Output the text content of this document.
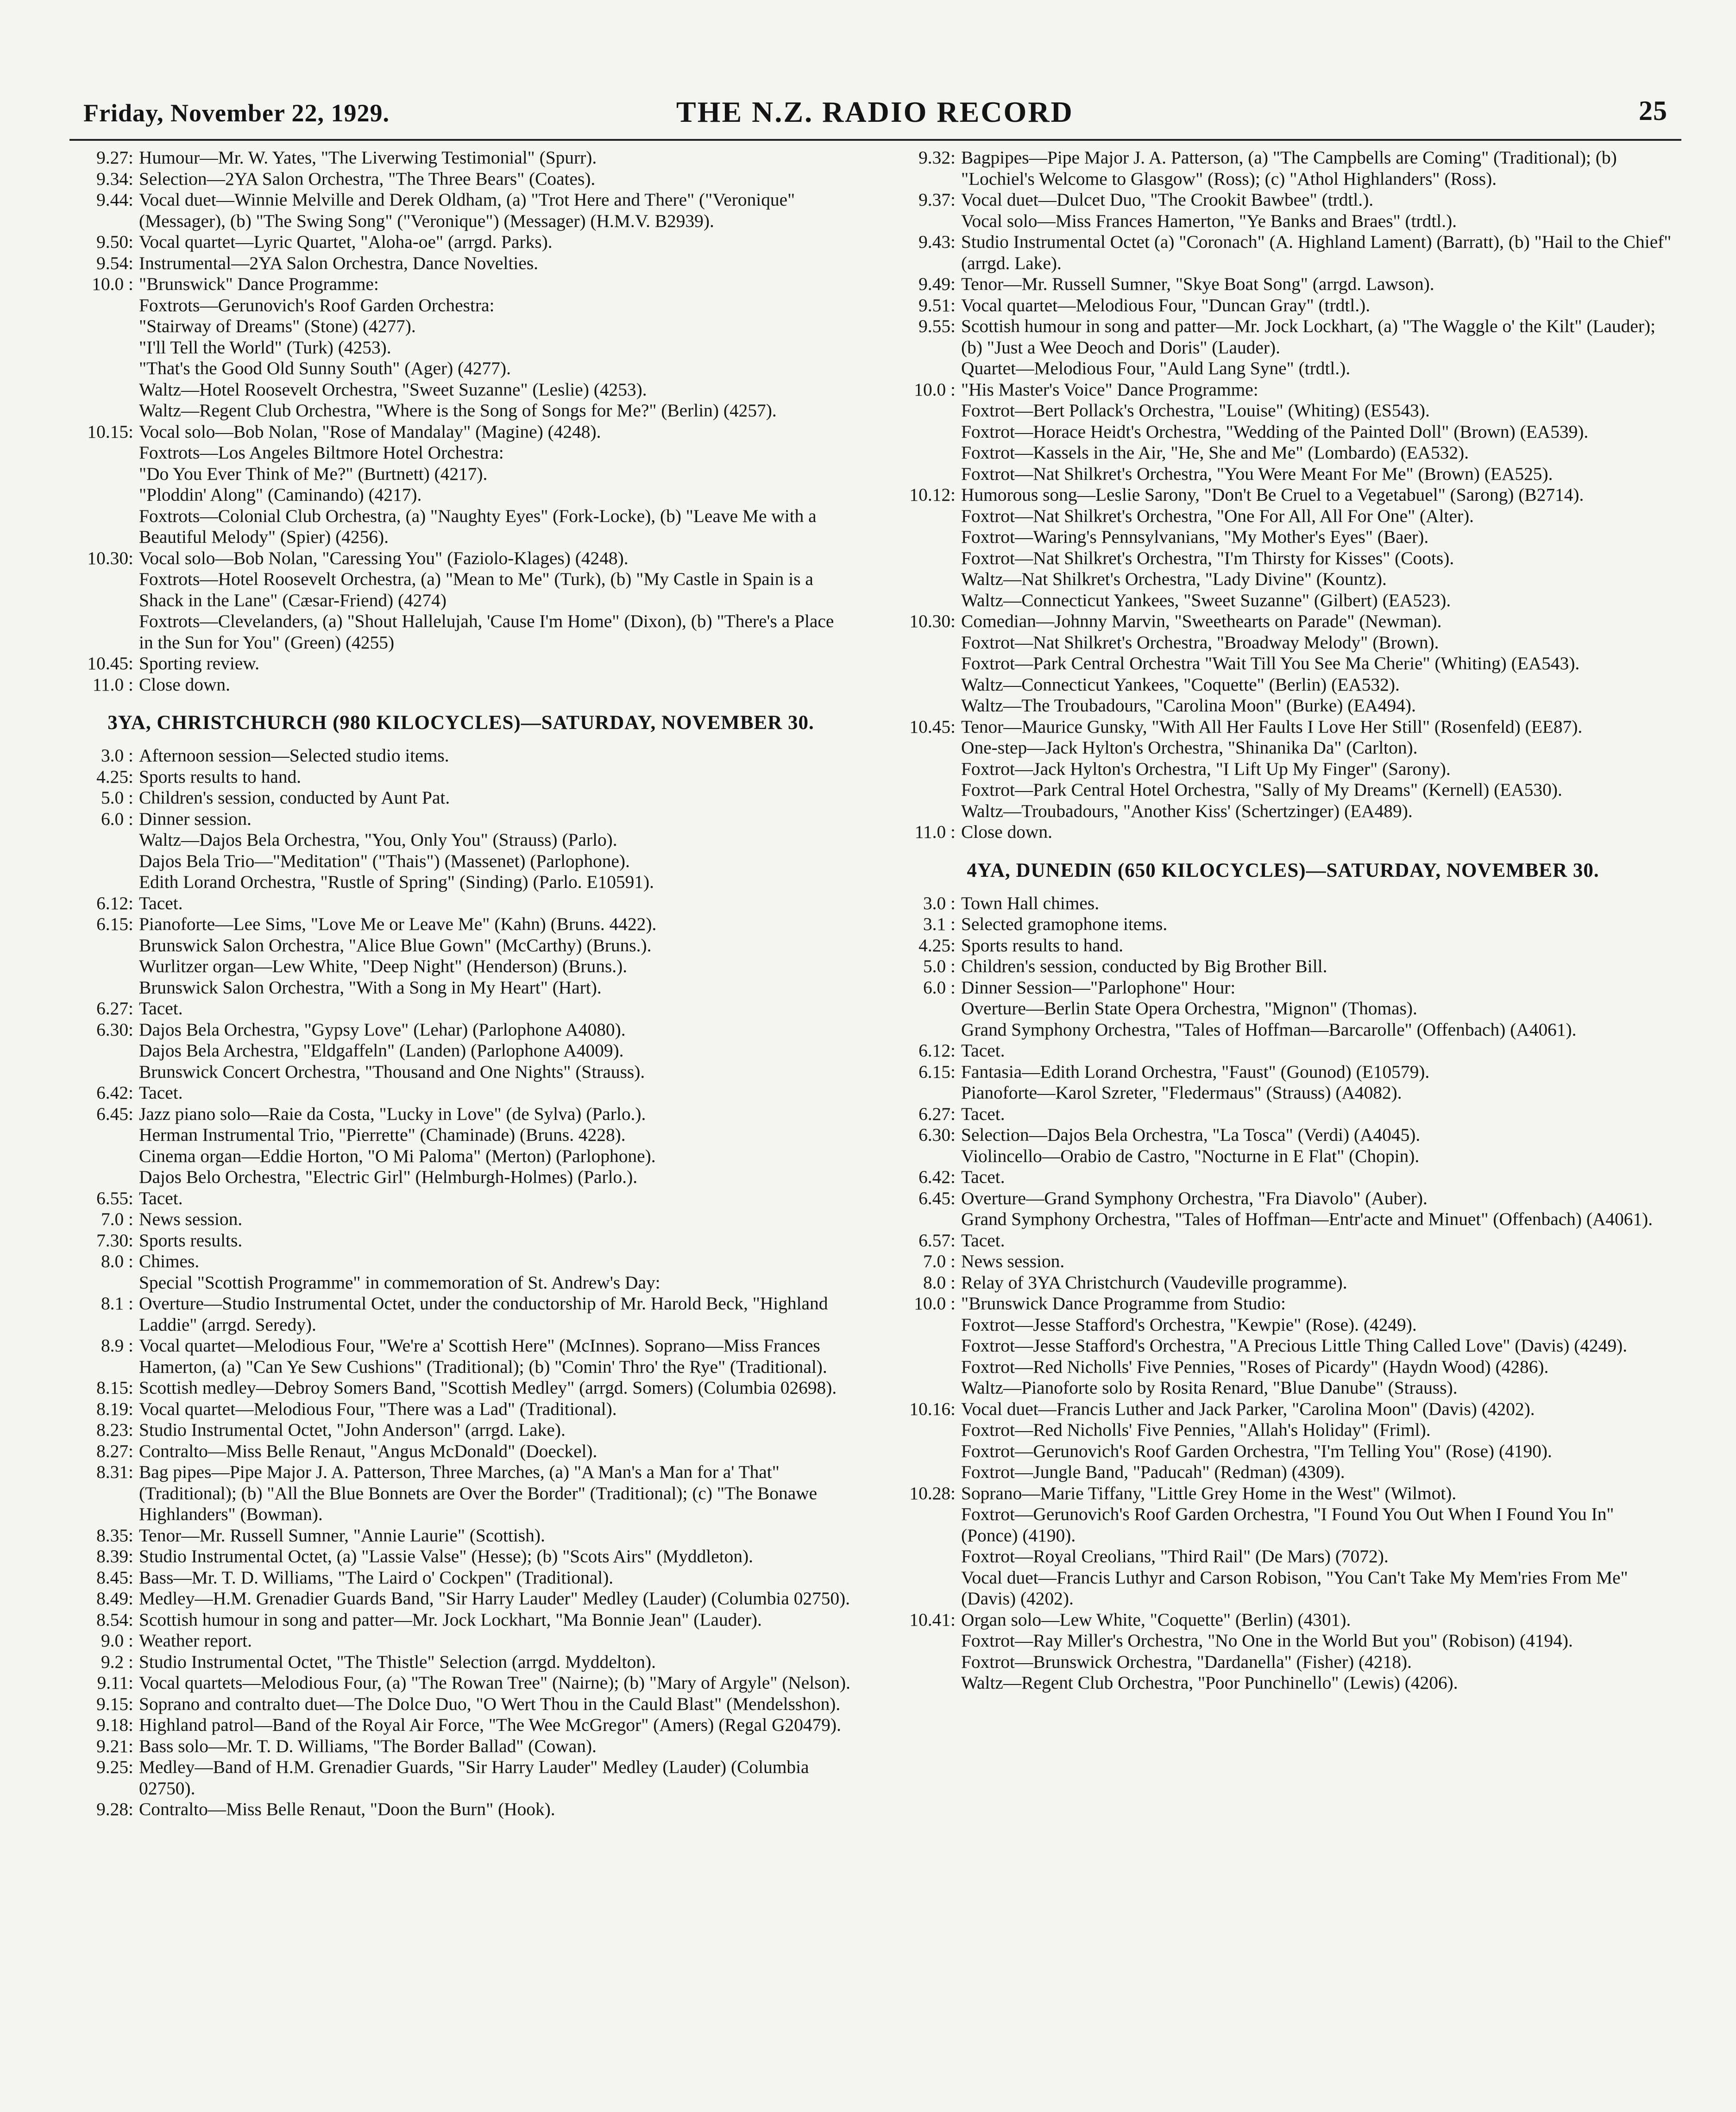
Friday, November 22, 1929.	THE N.Z. RADIO RECORD	25
9.27: Humour—Mr. W. Yates, "The Liverwing Testimonial" (Spurr).
9.34: Selection—2YA Salon Orchestra, "The Three Bears" (Coates).
9.44: Vocal duet—Winnie Melville and Derek Oldham, (a) "Trot Here and There" ("Veronique" (Messager), (b) "The Swing Song" ("Veronique") (Messager) (H.M.V. B2939).
9.50: Vocal quartet—Lyric Quartet, "Aloha-oe" (arrgd. Parks).
9.54: Instrumental—2YA Salon Orchestra, Dance Novelties.
10.0 : "Brunswick" Dance Programme:
Foxtrots—Gerunovich's Roof Garden Orchestra:
"Stairway of Dreams" (Stone) (4277).
"I'll Tell the World" (Turk) (4253).
"That's the Good Old Sunny South" (Ager) (4277).
Waltz—Hotel Roosevelt Orchestra, "Sweet Suzanne" (Leslie) (4253).
Waltz—Regent Club Orchestra, "Where is the Song of Songs for Me?" (Berlin) (4257).
10.15: Vocal solo—Bob Nolan, "Rose of Mandalay" (Magine) (4248).
Foxtrots—Los Angeles Biltmore Hotel Orchestra:
"Do You Ever Think of Me?" (Burtnett) (4217).
"Ploddin' Along" (Caminando) (4217).
Foxtrots—Colonial Club Orchestra, (a) "Naughty Eyes" (Fork-Locke), (b) "Leave Me with a Beautiful Melody" (Spier) (4256).
10.30: Vocal solo—Bob Nolan, "Caressing You" (Faziolo-Klages) (4248).
Foxtrots—Hotel Roosevelt Orchestra, (a) "Mean to Me" (Turk), (b) "My Castle in Spain is a Shack in the Lane" (Cæsar-Friend) (4274)
Foxtrots—Clevelanders, (a) "Shout Hallelujah, 'Cause I'm Home" (Dixon), (b) "There's a Place in the Sun for You" (Green) (4255)
10.45: Sporting review.
11.0 : Close down.
3YA, CHRISTCHURCH (980 KILOCYCLES)—SATURDAY, NOVEMBER 30.
3.0 : Afternoon session—Selected studio items.
4.25: Sports results to hand.
5.0 : Children's session, conducted by Aunt Pat.
6.0 : Dinner session.
Waltz—Dajos Bela Orchestra, "You, Only You" (Strauss) (Parlo).
Dajos Bela Trio—"Meditation" ("Thais") (Massenet) (Parlophone).
Edith Lorand Orchestra, "Rustle of Spring" (Sinding) (Parlo. E10591).
6.12: Tacet.
6.15: Pianoforte—Lee Sims, "Love Me or Leave Me" (Kahn) (Bruns. 4422).
Brunswick Salon Orchestra, "Alice Blue Gown" (McCarthy) (Bruns.).
Wurlitzer organ—Lew White, "Deep Night" (Henderson) (Bruns.).
Brunswick Salon Orchestra, "With a Song in My Heart" (Hart).
6.27: Tacet.
6.30: Dajos Bela Orchestra, "Gypsy Love" (Lehar) (Parlophone A4080).
Dajos Bela Archestra, "Eldgaffeln" (Landen) (Parlophone A4009).
Brunswick Concert Orchestra, "Thousand and One Nights" (Strauss).
6.42: Tacet.
6.45: Jazz piano solo—Raie da Costa, "Lucky in Love" (de Sylva) (Parlo.).
Herman Instrumental Trio, "Pierrette" (Chaminade) (Bruns. 4228).
Cinema organ—Eddie Horton, "O Mi Paloma" (Merton) (Parlophone).
Dajos Belo Orchestra, "Electric Girl" (Helmburgh-Holmes) (Parlo.).
6.55: Tacet.
7.0 : News session.
7.30: Sports results.
8.0 : Chimes.
Special "Scottish Programme" in commemoration of St. Andrew's Day:
8.1 : Overture—Studio Instrumental Octet, under the conductorship of Mr. Harold Beck, "Highland Laddie" (arrgd. Seredy).
8.9 : Vocal quartet—Melodious Four, "We're a' Scottish Here" (McInnes). Soprano—Miss Frances Hamerton, (a) "Can Ye Sew Cushions" (Traditional); (b) "Comin' Thro' the Rye" (Traditional).
8.15: Scottish medley—Debroy Somers Band, "Scottish Medley" (arrgd. Somers) (Columbia 02698).
8.19: Vocal quartet—Melodious Four, "There was a Lad" (Traditional).
8.23: Studio Instrumental Octet, "John Anderson" (arrgd. Lake).
8.27: Contralto—Miss Belle Renaut, "Angus McDonald" (Doeckel).
8.31: Bag pipes—Pipe Major J. A. Patterson, Three Marches, (a) "A Man's a Man for a' That" (Traditional); (b) "All the Blue Bonnets are Over the Border" (Traditional); (c) "The Bonawe Highlanders" (Bowman).
8.35: Tenor—Mr. Russell Sumner, "Annie Laurie" (Scottish).
8.39: Studio Instrumental Octet, (a) "Lassie Valse" (Hesse); (b) "Scots Airs" (Myddleton).
8.45: Bass—Mr. T. D. Williams, "The Laird o' Cockpen" (Traditional).
8.49: Medley—H.M. Grenadier Guards Band, "Sir Harry Lauder" Medley (Lauder) (Columbia 02750).
8.54: Scottish humour in song and patter—Mr. Jock Lockhart, "Ma Bonnie Jean" (Lauder).
9.0 : Weather report.
9.2 : Studio Instrumental Octet, "The Thistle" Selection (arrgd. Myddelton).
9.11: Vocal quartets—Melodious Four, (a) "The Rowan Tree" (Nairne); (b) "Mary of Argyle" (Nelson).
9.15: Soprano and contralto duet—The Dolce Duo, "O Wert Thou in the Cauld Blast" (Mendelsshon).
9.18: Highland patrol—Band of the Royal Air Force, "The Wee McGregor" (Amers) (Regal G20479).
9.21: Bass solo—Mr. T. D. Williams, "The Border Ballad" (Cowan).
9.25: Medley—Band of H.M. Grenadier Guards, "Sir Harry Lauder" Medley (Lauder) (Columbia 02750).
9.28: Contralto—Miss Belle Renaut, "Doon the Burn" (Hook).
9.32: Bagpipes—Pipe Major J. A. Patterson, (a) "The Campbells are Coming" (Traditional); (b) "Lochiel's Welcome to Glasgow" (Ross); (c) "Athol Highlanders" (Ross).
9.37: Vocal duet—Dulcet Duo, "The Crookit Bawbee" (trdtl.).
Vocal solo—Miss Frances Hamerton, "Ye Banks and Braes" (trdtl.).
9.43: Studio Instrumental Octet (a) "Coronach" (A. Highland Lament) (Barratt), (b) "Hail to the Chief" (arrgd. Lake).
9.49: Tenor—Mr. Russell Sumner, "Skye Boat Song" (arrgd. Lawson).
9.51: Vocal quartet—Melodious Four, "Duncan Gray" (trdtl.).
9.55: Scottish humour in song and patter—Mr. Jock Lockhart, (a) "The Waggle o' the Kilt" (Lauder); (b) "Just a Wee Deoch and Doris" (Lauder).
Quartet—Melodious Four, "Auld Lang Syne" (trdtl.).
10.0 : "His Master's Voice" Dance Programme:
Foxtrot—Bert Pollack's Orchestra, "Louise" (Whiting) (ES543).
Foxtrot—Horace Heidt's Orchestra, "Wedding of the Painted Doll" (Brown) (EA539).
Foxtrot—Kassels in the Air, "He, She and Me" (Lombardo) (EA532).
Foxtrot—Nat Shilkret's Orchestra, "You Were Meant For Me" (Brown) (EA525).
10.12: Humorous song—Leslie Sarony, "Don't Be Cruel to a Vegetabuel" (Sarong) (B2714).
Foxtrot—Nat Shilkret's Orchestra, "One For All, All For One" (Alter).
Foxtrot—Waring's Pennsylvanians, "My Mother's Eyes" (Baer).
Foxtrot—Nat Shilkret's Orchestra, "I'm Thirsty for Kisses" (Coots).
Waltz—Nat Shilkret's Orchestra, "Lady Divine" (Kountz).
Waltz—Connecticut Yankees, "Sweet Suzanne" (Gilbert) (EA523).
10.30: Comedian—Johnny Marvin, "Sweethearts on Parade" (Newman).
Foxtrot—Nat Shilkret's Orchestra, "Broadway Melody" (Brown).
Foxtrot—Park Central Orchestra "Wait Till You See Ma Cherie" (Whiting) (EA543).
Waltz—Connecticut Yankees, "Coquette" (Berlin) (EA532).
Waltz—The Troubadours, "Carolina Moon" (Burke) (EA494).
10.45: Tenor—Maurice Gunsky, "With All Her Faults I Love Her Still" (Rosenfeld) (EE87).
One-step—Jack Hylton's Orchestra, "Shinanika Da" (Carlton).
Foxtrot—Jack Hylton's Orchestra, "I Lift Up My Finger" (Sarony).
Foxtrot—Park Central Hotel Orchestra, "Sally of My Dreams" (Kernell) (EA530).
Waltz—Troubadours, "Another Kiss' (Schertzinger) (EA489).
11.0 : Close down.
4YA, DUNEDIN (650 KILOCYCLES)—SATURDAY, NOVEMBER 30.
3.0 : Town Hall chimes.
3.1 : Selected gramophone items.
4.25: Sports results to hand.
5.0 : Children's session, conducted by Big Brother Bill.
6.0 : Dinner Session—"Parlophone" Hour:
Overture—Berlin State Opera Orchestra, "Mignon" (Thomas).
Grand Symphony Orchestra, "Tales of Hoffman—Barcarolle" (Offenbach) (A4061).
6.12: Tacet.
6.15: Fantasia—Edith Lorand Orchestra, "Faust" (Gounod) (E10579).
Pianoforte—Karol Szreter, "Fledermaus" (Strauss) (A4082).
6.27: Tacet.
6.30: Selection—Dajos Bela Orchestra, "La Tosca" (Verdi) (A4045).
Violincello—Orabio de Castro, "Nocturne in E Flat" (Chopin).
6.42: Tacet.
6.45: Overture—Grand Symphony Orchestra, "Fra Diavolo" (Auber).
Grand Symphony Orchestra, "Tales of Hoffman—Entr'acte and Minuet" (Offenbach) (A4061).
6.57: Tacet.
7.0 : News session.
8.0 : Relay of 3YA Christchurch (Vaudeville programme).
10.0 : "Brunswick Dance Programme from Studio:
Foxtrot—Jesse Stafford's Orchestra, "Kewpie" (Rose). (4249).
Foxtrot—Jesse Stafford's Orchestra, "A Precious Little Thing Called Love" (Davis) (4249).
Foxtrot—Red Nicholls' Five Pennies, "Roses of Picardy" (Haydn Wood) (4286).
Waltz—Pianoforte solo by Rosita Renard, "Blue Danube" (Strauss).
10.16: Vocal duet—Francis Luther and Jack Parker, "Carolina Moon" (Davis) (4202).
Foxtrot—Red Nicholls' Five Pennies, "Allah's Holiday" (Friml).
Foxtrot—Gerunovich's Roof Garden Orchestra, "I'm Telling You" (Rose) (4190).
Foxtrot—Jungle Band, "Paducah" (Redman) (4309).
10.28: Soprano—Marie Tiffany, "Little Grey Home in the West" (Wilmot).
Foxtrot—Gerunovich's Roof Garden Orchestra, "I Found You Out When I Found You In" (Ponce) (4190).
Foxtrot—Royal Creolians, "Third Rail" (De Mars) (7072).
Vocal duet—Francis Luthyr and Carson Robison, "You Can't Take My Mem'ries From Me" (Davis) (4202).
10.41: Organ solo—Lew White, "Coquette" (Berlin) (4301).
Foxtrot—Ray Miller's Orchestra, "No One in the World But you" (Robison) (4194).
Foxtrot—Brunswick Orchestra, "Dardanella" (Fisher) (4218).
Waltz—Regent Club Orchestra, "Poor Punchinello" (Lewis) (4206).
